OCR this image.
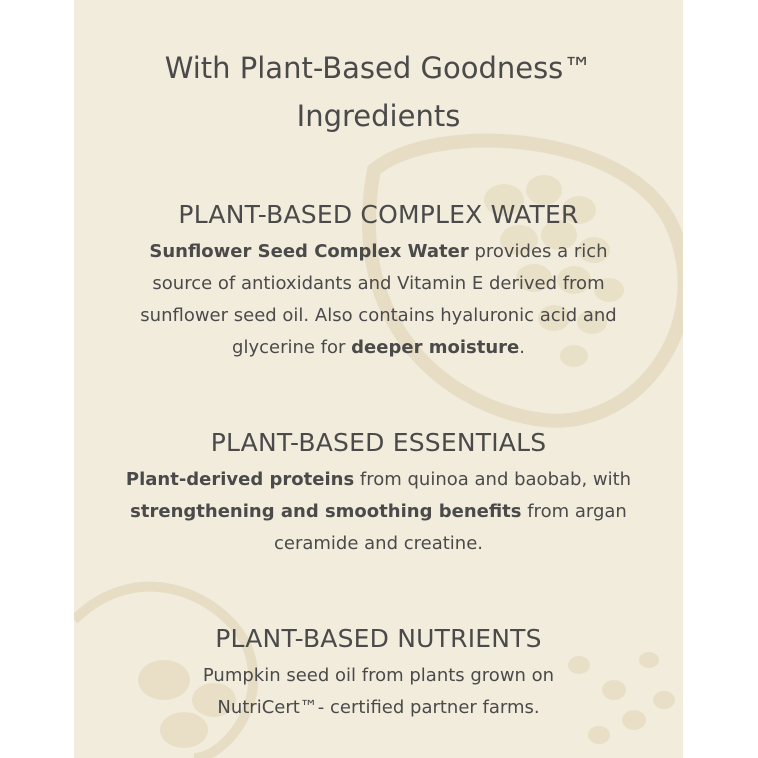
With Plant-Based Goodness™
Ingredients
PLANT-BASED COMPLEX WATER

Sunflower Seed Complex Water provides a rich source of antioxidants and Vitamin E derived from sunflower seed oil. Also contains hyaluronic acid and glycerine for deeper moisture.

PLANT-BASED ESSENTIALS

Plant-derived proteins from quinoa and baobab, with strengthening and smoothing benefits from argan ceramide and creatine.

PLANT-BASED NUTRIENTS

Pumpkin seed oil from plants grown on NutriCert™- certified partner farms.
